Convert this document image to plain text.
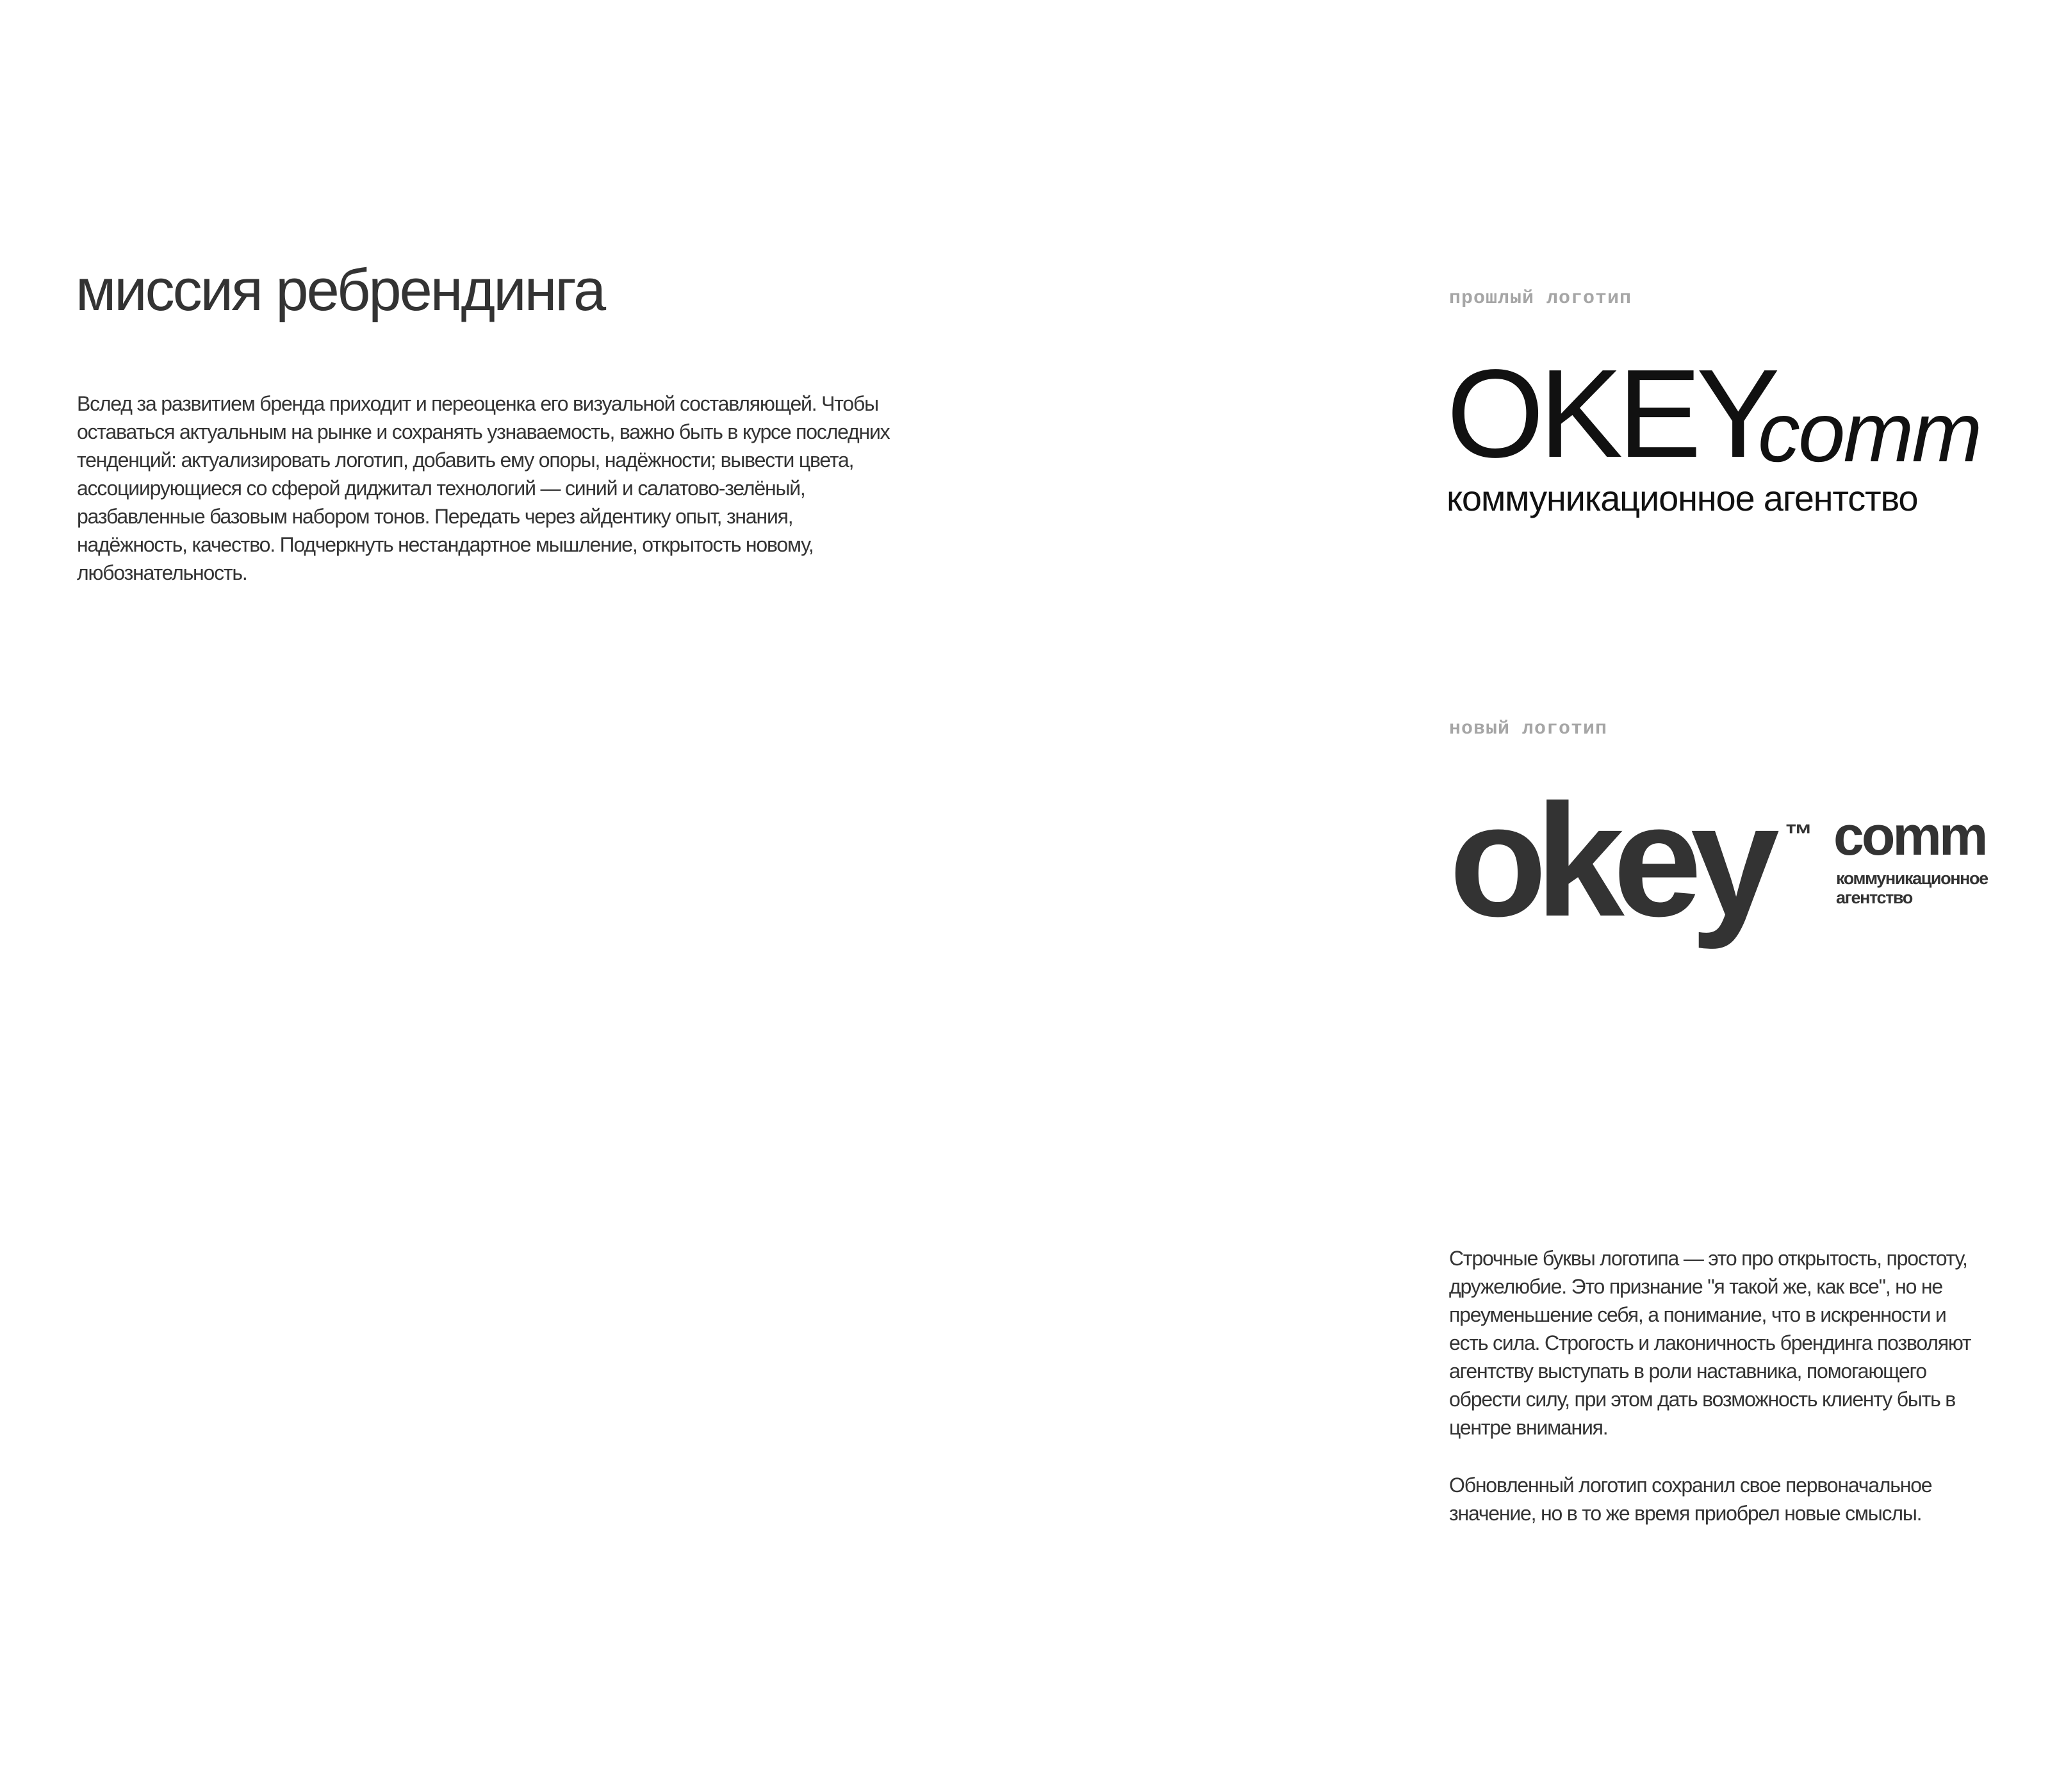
миссия ребрендинга

Вслед за развитием бренда приходит и переоценка его визуальной составляющей. Чтобы оставаться актуальным на рынке и сохранять узнаваемость, важно быть в курсе последних тенденций: актуализировать логотип, добавить ему опоры, надёжности; вывести цвета, ассоциирующиеся со сферой диджитал технологий — синий и салатово-зелёный, разбавленные базовым набором тонов. Передать через айдентику опыт, знания, надёжность, качество. Подчеркнуть нестандартное мышление, открытость новому, любознательность.

прошлый логотип
OKEY
comm
коммуникационное агентство
новый логотип
okey ™ comm
коммуникационное агентство

Строчные буквы логотипа — это про открытость, простоту, дружелюбие. Это признание "я такой же, как все", но не преуменьшение себя, а понимание, что в искренности и есть сила. Строгость и лаконичность брендинга позволяют агентству выступать в роли наставника, помогающего обрести силу, при этом дать возможность клиенту быть в центре внимания.

Обновленный логотип сохранил свое первоначальное значение, но в то же время приобрел новые смыслы.
